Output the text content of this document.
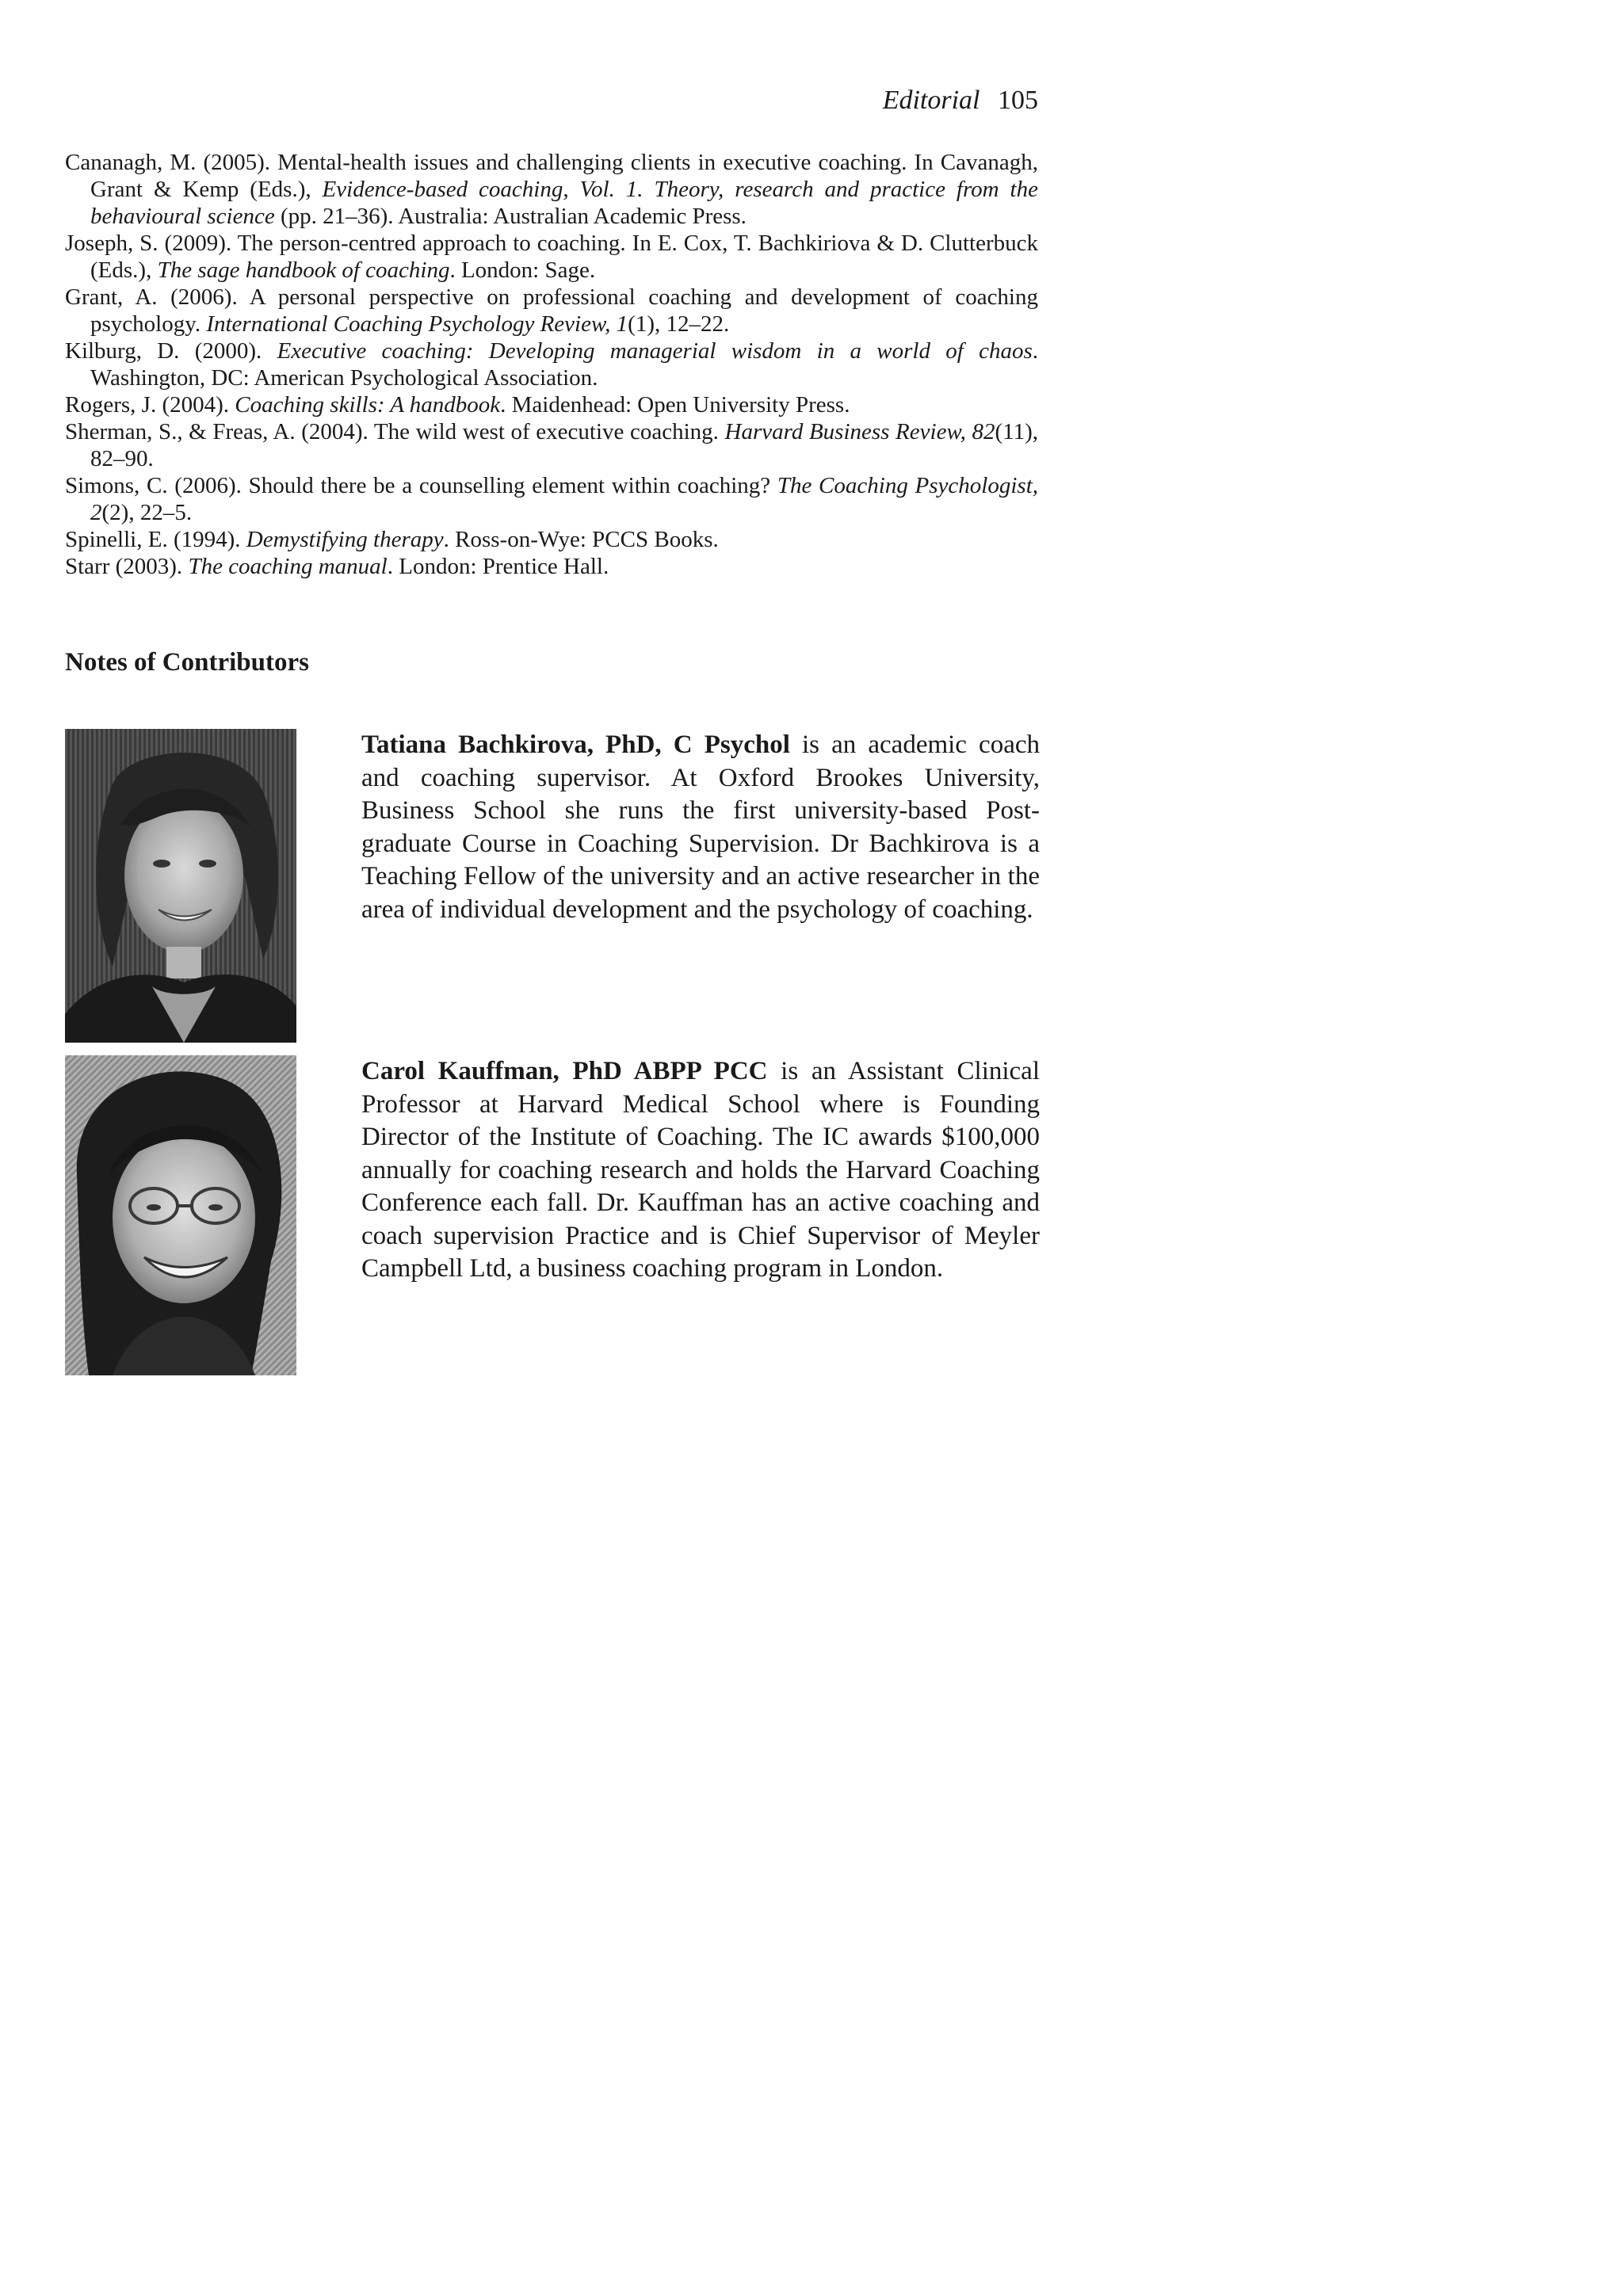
Editorial 105
Cananagh, M. (2005). Mental-health issues and challenging clients in executive coaching. In Cavanagh, Grant & Kemp (Eds.), Evidence-based coaching, Vol. 1. Theory, research and practice from the behavioural science (pp. 21–36). Australia: Australian Academic Press.
Joseph, S. (2009). The person-centred approach to coaching. In E. Cox, T. Bachkiriova & D. Clutterbuck (Eds.), The sage handbook of coaching. London: Sage.
Grant, A. (2006). A personal perspective on professional coaching and development of coaching psychology. International Coaching Psychology Review, 1(1), 12–22.
Kilburg, D. (2000). Executive coaching: Developing managerial wisdom in a world of chaos. Washington, DC: American Psychological Association.
Rogers, J. (2004). Coaching skills: A handbook. Maidenhead: Open University Press.
Sherman, S., & Freas, A. (2004). The wild west of executive coaching. Harvard Business Review, 82(11), 82–90.
Simons, C. (2006). Should there be a counselling element within coaching? The Coaching Psychologist, 2(2), 22–5.
Spinelli, E. (1994). Demystifying therapy. Ross-on-Wye: PCCS Books.
Starr (2003). The coaching manual. London: Prentice Hall.
Notes of Contributors
Tatiana Bachkirova, PhD, C Psychol is an academic coach and coaching supervisor. At Oxford Brookes University, Business School she runs the first university-based Post-graduate Course in Coaching Supervision. Dr Bachkirova is a Teaching Fellow of the university and an active researcher in the area of individual development and the psychology of coaching.
Carol Kauffman, PhD ABPP PCC is an Assistant Clinical Professor at Harvard Medical School where is Founding Director of the Institute of Coaching. The IC awards $100,000 annually for coaching research and holds the Harvard Coaching Conference each fall. Dr. Kauffman has an active coaching and coach supervision Practice and is Chief Supervisor of Meyler Campbell Ltd, a business coaching program in London.
